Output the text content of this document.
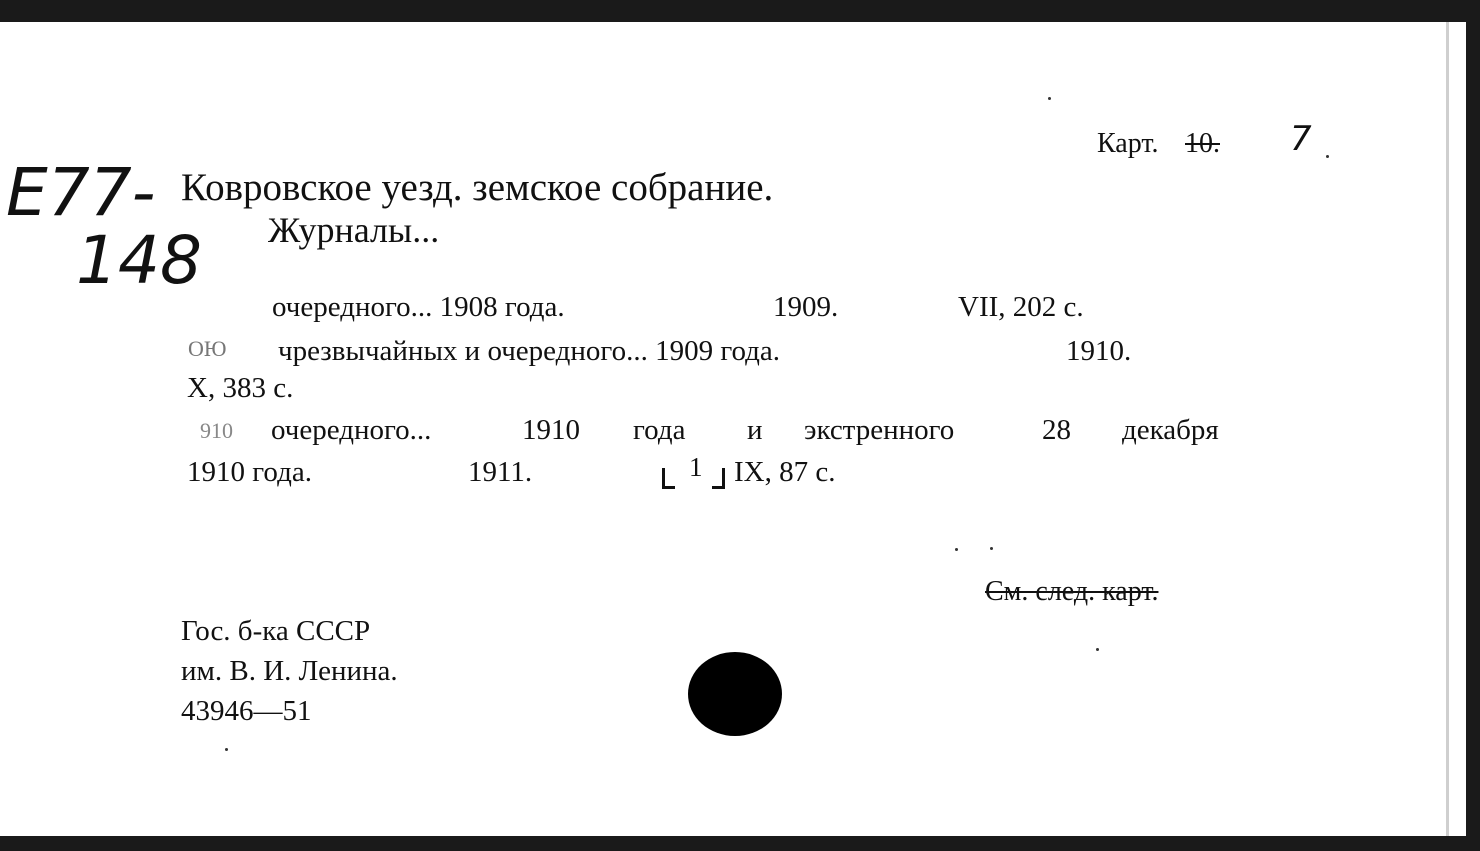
Карт. 10. 7
E77-
148
Ковровское уезд. земское собрание.
Журналы...
очередного... 1908 года.	1909.	VII, 202 с.
ОЮ чрезвычайных и очередного... 1909 года.	1910.
X, 383 с.
910 очередного...	1910 года и экстренного	28 декабря
1910 года.	1911.	1 IX, 87 с.
См. след. карт.
Гос. б-ка СССР
им. В. И. Ленина.
43946—51
